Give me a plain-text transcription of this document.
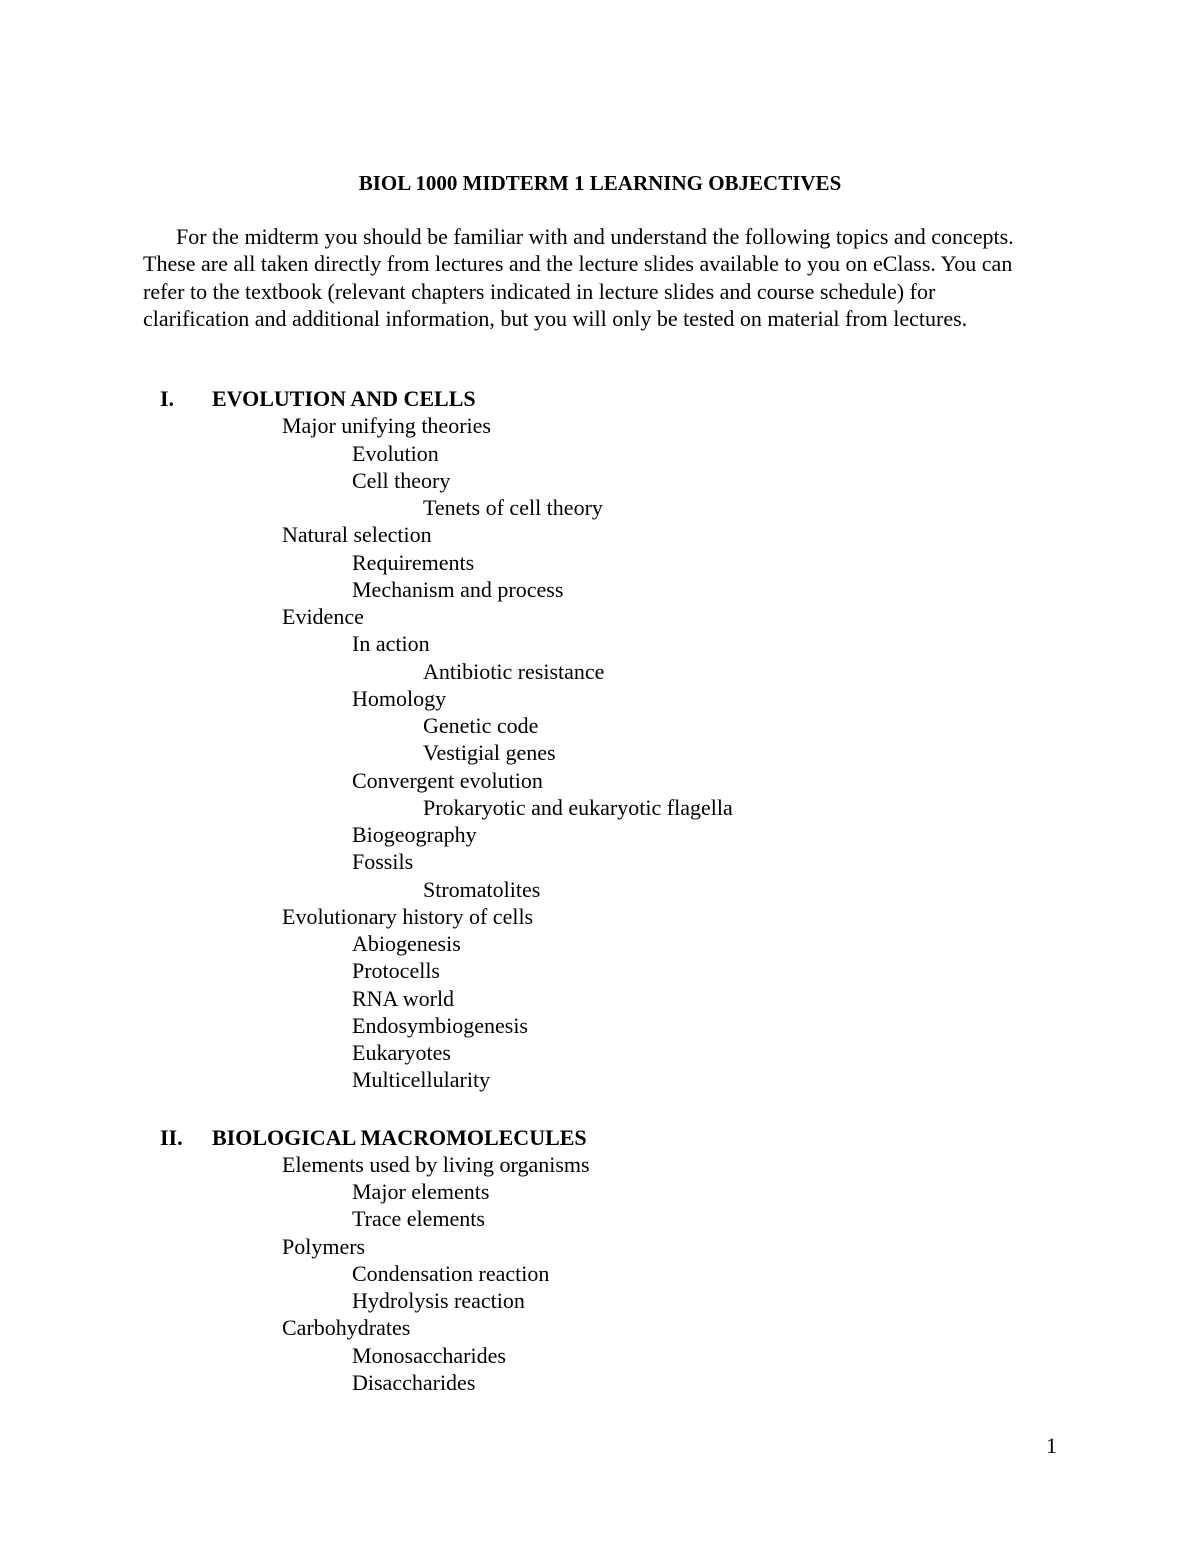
BIOL 1000 MIDTERM 1 LEARNING OBJECTIVES

For the midterm you should be familiar with and understand the following topics and concepts. These are all taken directly from lectures and the lecture slides available to you on eClass. You can refer to the textbook (relevant chapters indicated in lecture slides and course schedule) for clarification and additional information, but you will only be tested on material from lectures.

I. EVOLUTION AND CELLS
Major unifying theories
Evolution
Cell theory
Tenets of cell theory
Natural selection
Requirements
Mechanism and process
Evidence
In action
Antibiotic resistance
Homology
Genetic code
Vestigial genes
Convergent evolution
Prokaryotic and eukaryotic flagella
Biogeography
Fossils
Stromatolites
Evolutionary history of cells
Abiogenesis
Protocells
RNA world
Endosymbiogenesis
Eukaryotes
Multicellularity
II. BIOLOGICAL MACROMOLECULES
Elements used by living organisms
Major elements
Trace elements
Polymers
Condensation reaction
Hydrolysis reaction
Carbohydrates
Monosaccharides
Disaccharides
1
